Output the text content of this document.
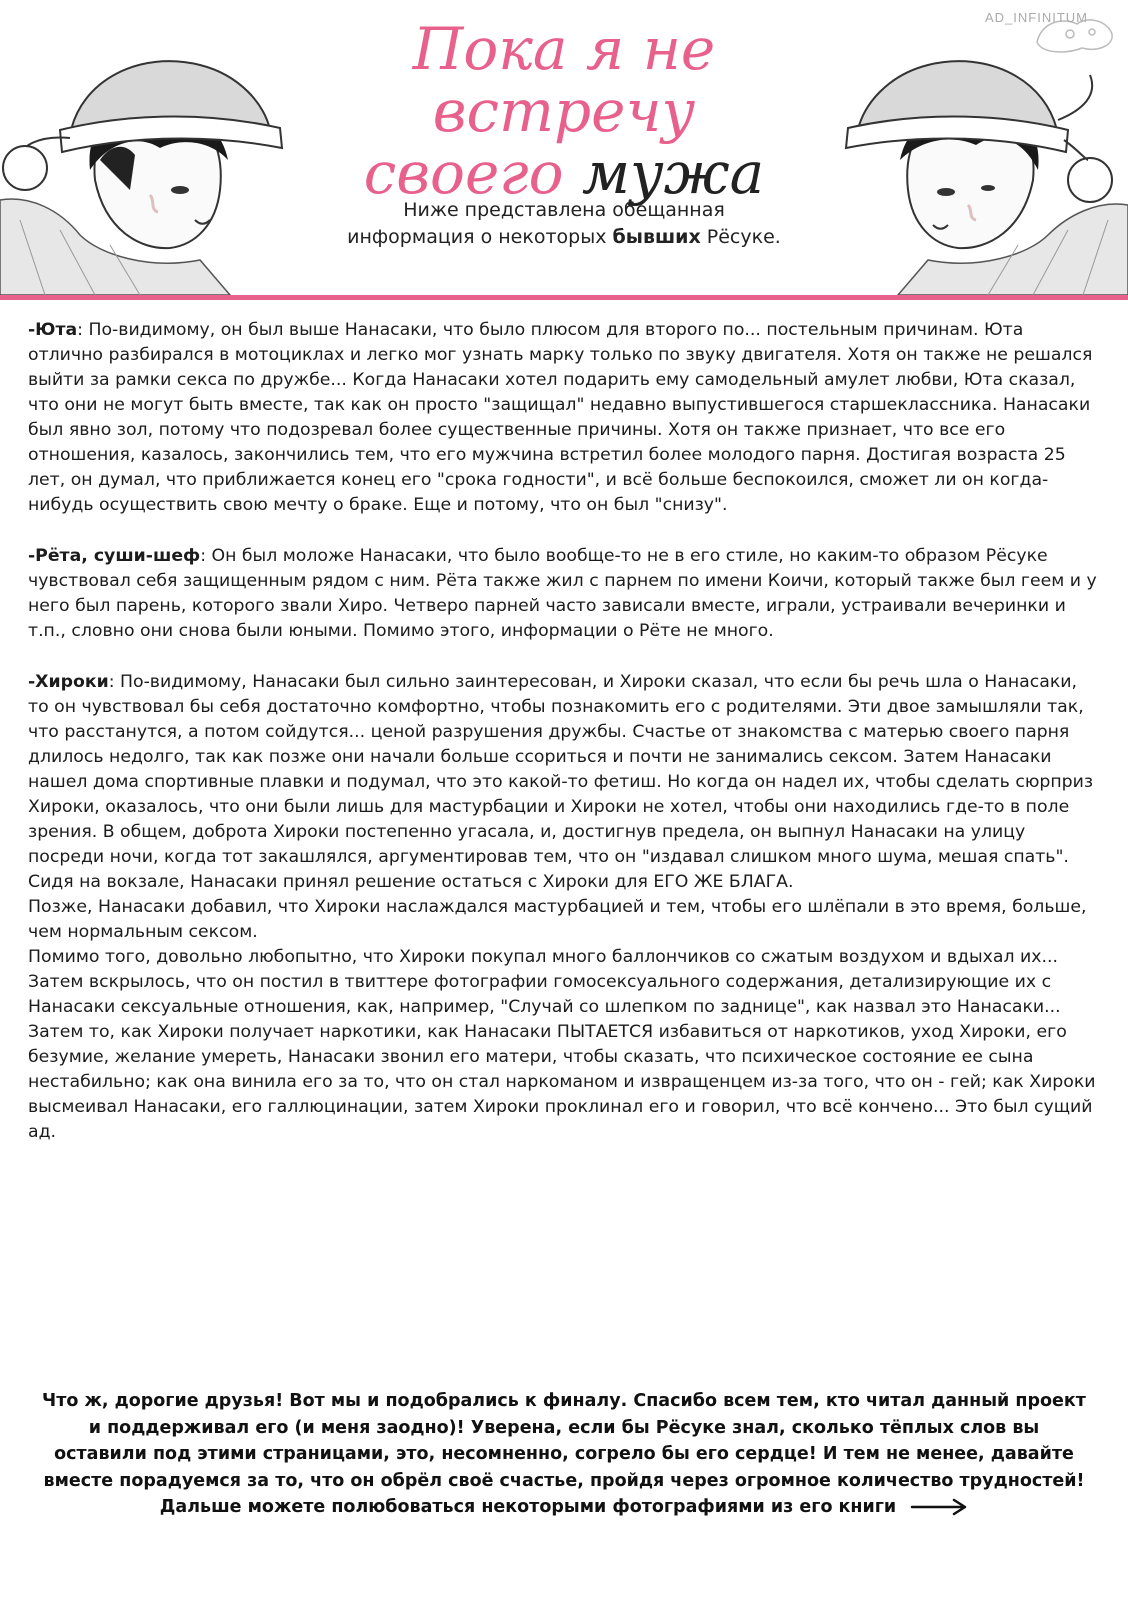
AD_INFINITUM
Пока я не встречу
своего мужа
Ниже представлена обещанная
информация о некоторых бывших Рёсуке.

-Юта: По-видимому, он был выше Нанасаки, что было плюсом для второго по... постельным причинам. Юта отлично разбирался в мотоциклах и легко мог узнать марку только по звуку двигателя. Хотя он также не решался выйти за рамки секса по дружбе... Когда Нанасаки хотел подарить ему самодельный амулет любви, Юта сказал, что они не могут быть вместе, так как он просто "защищал" недавно выпустившегося старшеклассника. Нанасаки был явно зол, потому что подозревал более существенные причины. Хотя он также признает, что все его отношения, казалось, закончились тем, что его мужчина встретил более молодого парня. Достигая возраста 25 лет, он думал, что приближается конец его "срока годности", и всё больше беспокоился, сможет ли он когда-нибудь осуществить свою мечту о браке. Еще и потому, что он был "снизу".

-Рёта, суши-шеф: Он был моложе Нанасаки, что было вообще-то не в его стиле, но каким-то образом Рёсуке чувствовал себя защищенным рядом с ним. Рёта также жил с парнем по имени Коичи, который также был геем и у него был парень, которого звали Хиро. Четверо парней часто зависали вместе, играли, устраивали вечеринки и т.п., словно они снова были юными. Помимо этого, информации о Рёте не много.

-Хироки: По-видимому, Нанасаки был сильно заинтересован, и Хироки сказал, что если бы речь шла о Нанасаки, то он чувствовал бы себя достаточно комфортно, чтобы познакомить его с родителями. Эти двое замышляли так, что расстанутся, а потом сойдутся... ценой разрушения дружбы. Счастье от знакомства с матерью своего парня длилось недолго, так как позже они начали больше ссориться и почти не занимались сексом. Затем Нанасаки нашел дома спортивные плавки и подумал, что это какой-то фетиш. Но когда он надел их, чтобы сделать сюрприз Хироки, оказалось, что они были лишь для мастурбации и Хироки не хотел, чтобы они находились где-то в поле зрения. В общем, доброта Хироки постепенно угасала, и, достигнув предела, он выпнул Нанасаки на улицу посреди ночи, когда тот закашлялся, аргументировав тем, что он "издавал слишком много шума, мешая спать". Сидя на вокзале, Нанасаки принял решение остаться с Хироки для ЕГО ЖЕ БЛАГА.

Позже, Нанасаки добавил, что Хироки наслаждался мастурбацией и тем, чтобы его шлёпали в это время, больше, чем нормальным сексом.

Помимо того, довольно любопытно, что Хироки покупал много баллончиков со сжатым воздухом и вдыхал их...

Затем вскрылось, что он постил в твиттере фотографии гомосексуального содержания, детализирующие их с Нанасаки сексуальные отношения, как, например, "Случай со шлепком по заднице", как назвал это Нанасаки... Затем то, как Хироки получает наркотики, как Нанасаки ПЫТАЕТСЯ избавиться от наркотиков, уход Хироки, его безумие, желание умереть, Нанасаки звонил его матери, чтобы сказать, что психическое состояние ее сына нестабильно; как она винила его за то, что он стал наркоманом и извращенцем из-за того, что он - гей; как Хироки высмеивал Нанасаки, его галлюцинации, затем Хироки проклинал его и говорил, что всё кончено... Это был сущий ад.

Что ж, дорогие друзья! Вот мы и подобрались к финалу. Спасибо всем тем, кто читал данный проект и поддерживал его (и меня заодно)! Уверена, если бы Рёсуке знал, сколько тёплых слов вы оставили под этими страницами, это, несомненно, согрело бы его сердце! И тем не менее, давайте вместе порадуемся за то, что он обрёл своё счастье, пройдя через огромное количество трудностей!
Дальше можете полюбоваться некоторыми фотографиями из его книги
